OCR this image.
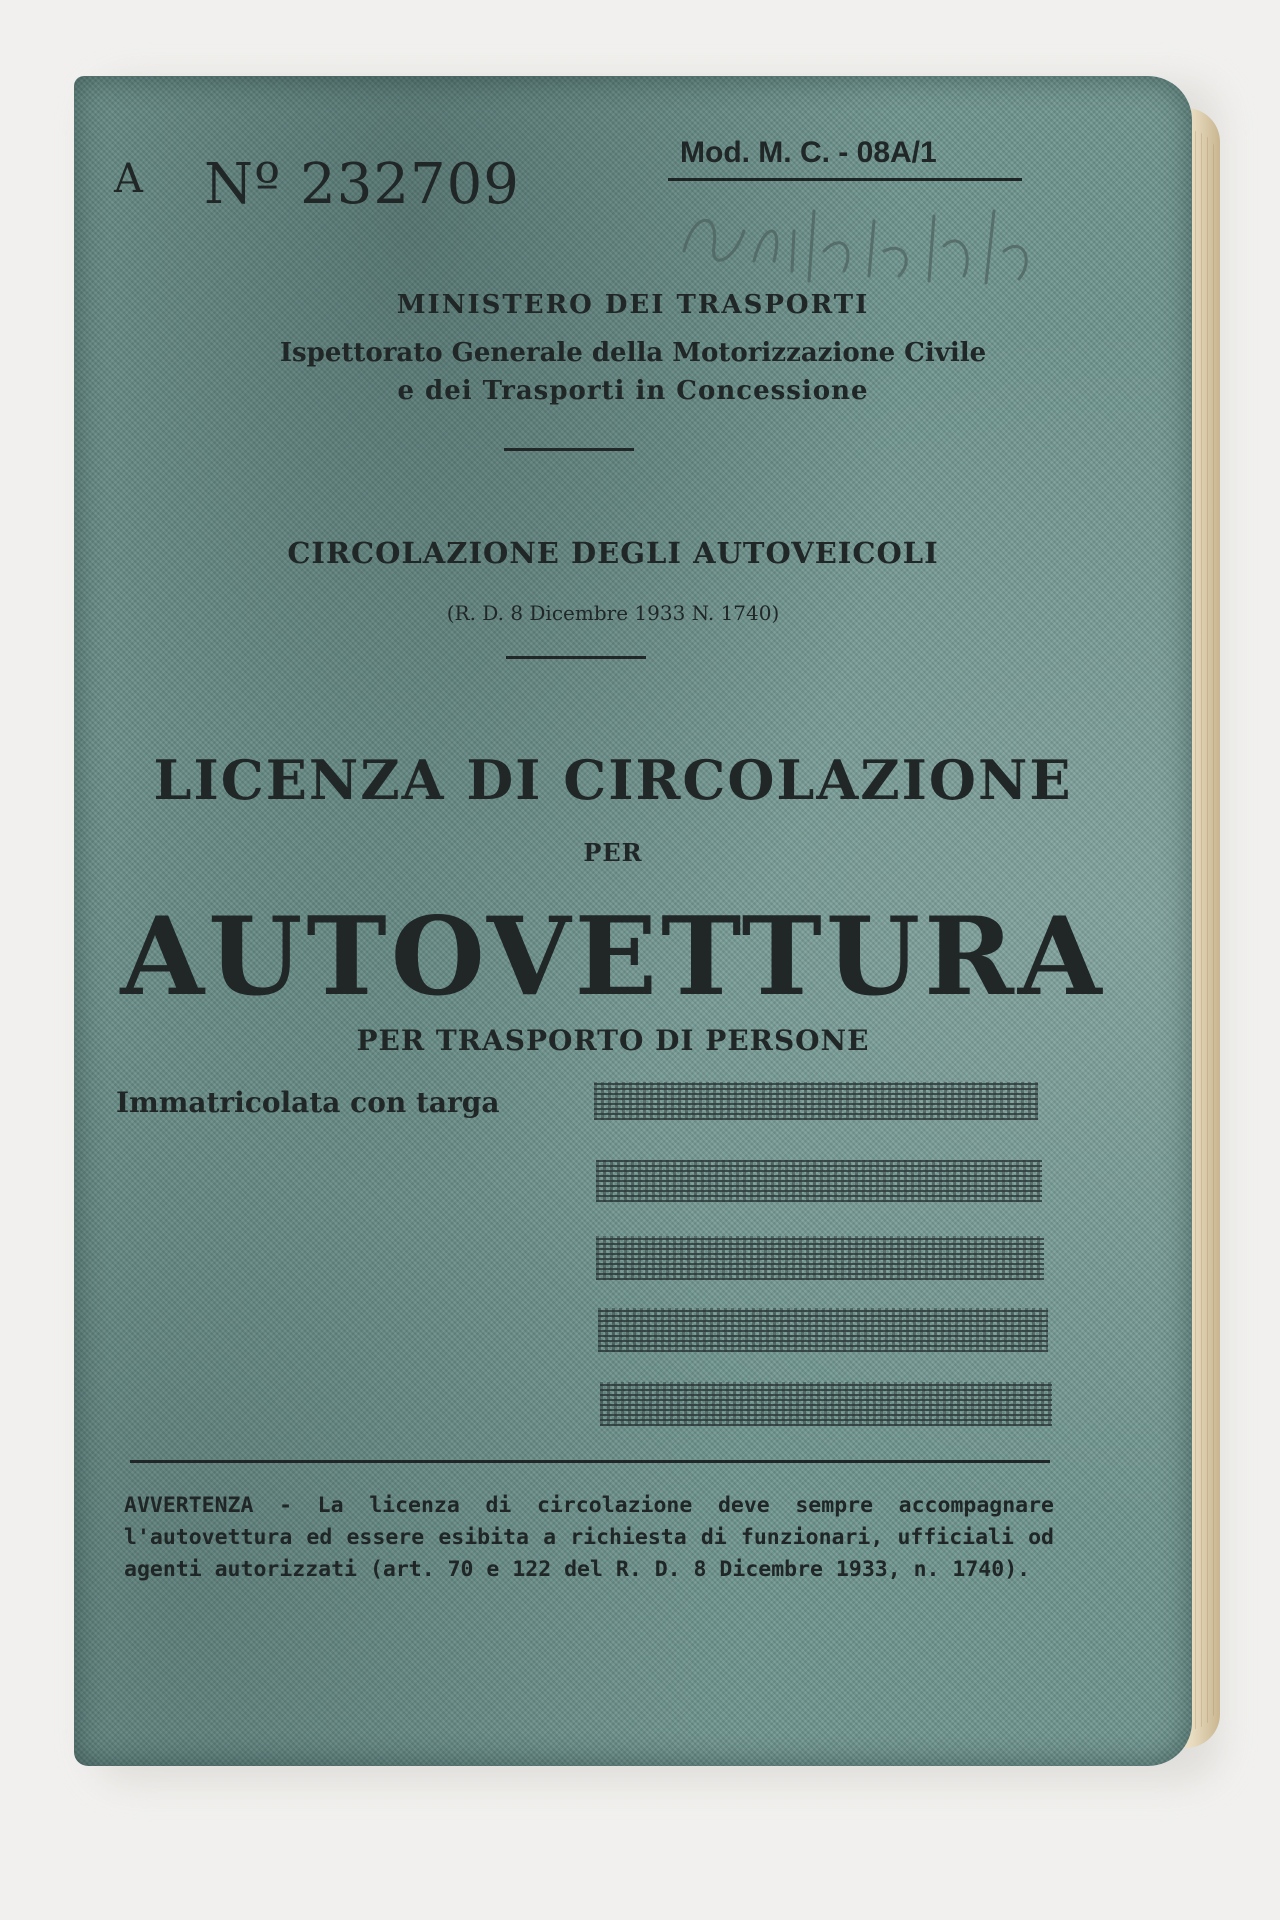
A Nº 232709	Mod. M. C. - 08A/1
MINISTERO DEI TRASPORTI
Ispettorato Generale della Motorizzazione Civile
e dei Trasporti in Concessione
CIRCOLAZIONE DEGLI AUTOVEICOLI
(R. D. 8 Dicembre 1933 N. 1740)
LICENZA DI CIRCOLAZIONE
PER
AUTOVETTURA
PER TRASPORTO DI PERSONE
Immatricolata con targa
AVVERTENZA - La licenza di circolazione deve sempre accompagnare l'autovettura ed essere esibita a richiesta di funzionari, ufficiali od agenti autorizzati (art. 70 e 122 del R. D. 8 Dicembre 1933, n. 1740).
